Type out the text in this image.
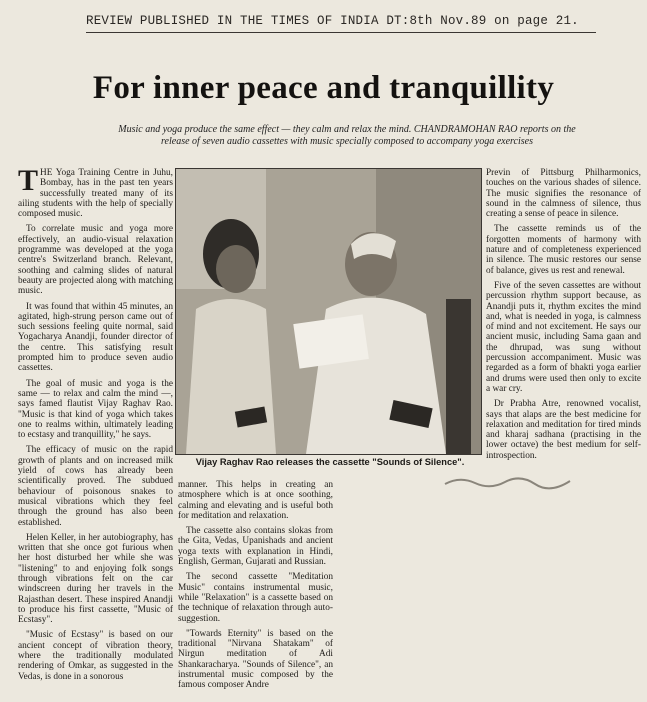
REVIEW PUBLISHED IN THE TIMES OF INDIA DT:8th Nov.89 on page 21.
For inner peace and tranquillity
Music and yoga produce the same effect — they calm and relax the mind. CHANDRAMOHAN RAO reports on the release of seven audio cassettes with music specially composed to accompany yoga exercises

THE Yoga Training Centre in Juhu, Bombay, has in the past ten years successfully treated many of its ailing students with the help of specially composed music.

To correlate music and yoga more effectively, an audio-visual relaxation programme was developed at the yoga centre's Switzerland branch. Relevant, soothing and calming slides of natural beauty are projected along with matching music.

It was found that within 45 minutes, an agitated, high-strung person came out of such sessions feeling quite normal, said Yogacharya Anandji, founder director of the centre. This satisfying result prompted him to produce seven audio cassettes.

The goal of music and yoga is the same — to relax and calm the mind —, says famed flautist Vijay Raghav Rao. "Music is that kind of yoga which takes one to realms within, ultimately leading to ecstasy and tranquillity," he says.

The efficacy of music on the rapid growth of plants and on increased milk yield of cows has already been scientifically proved. The subdued behaviour of poisonous snakes to musical vibrations which they feel through the ground has also been established.

Helen Keller, in her autobiography, has written that she once got furious when her host disturbed her while she was "listening" to and enjoying folk songs through vibrations felt on the car windscreen during her travels in the Rajasthan desert. These inspired Anandji to produce his first cassette, "Music of Ecstasy".

"Music of Ecstasy" is based on our ancient concept of vibration theory, where the traditionally modulated rendering of Omkar, as suggested in the Vedas, is done in a sonorous

Vijay Raghav Rao releases the cassette "Sounds of Silence".

manner. This helps in creating an atmosphere which is at once soothing, calming and elevating and is useful both for meditation and relaxation.

The cassette also contains slokas from the Gita, Vedas, Upanishads and ancient yoga texts with explanation in Hindi, English, German, Gujarati and Russian.

The second cassette "Meditation Music" contains instrumental music, while "Relaxation" is a cassette based on the technique of relaxation through auto-suggestion.

"Towards Eternity" is based on the traditional "Nirvana Shatakam" of Nirgun meditation of Adi Shankaracharya. "Sounds of Silence", an instrumental music composed by the famous composer Andre

Previn of Pittsburg Philharmonics, touches on the various shades of silence. The music signifies the resonance of sound in the calmness of silence, thus creating a sense of peace in silence.

The cassette reminds us of the forgotten moments of harmony with nature and of completeness experienced in silence. The music restores our sense of balance, gives us rest and renewal.

Five of the seven cassettes are without percussion rhythm support because, as Anandji puts it, rhythm excites the mind and, what is needed in yoga, is calmness of mind and not excitement. He says our ancient music, including Sama gaan and the dhrupad, was sung without percussion accompaniment. Music was regarded as a form of bhakti yoga earlier and drums were used then only to excite a war cry.

Dr Prabha Atre, renowned vocalist, says that alaps are the best medicine for relaxation and meditation for tired minds and kharaj sadhana (practising in the lower octave) the best medium for self-introspection.
